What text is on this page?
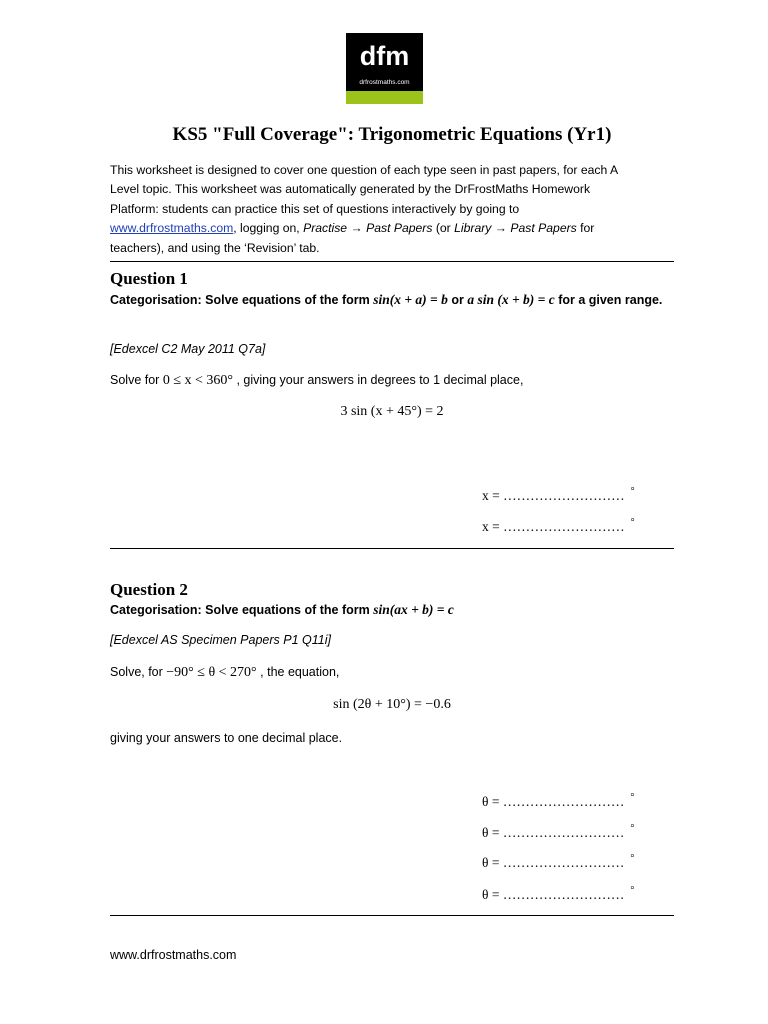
dfm
drfrostmaths.com
KS5 "Full Coverage": Trigonometric Equations (Yr1)
This worksheet is designed to cover one question of each type seen in past papers, for each A Level topic. This worksheet was automatically generated by the DrFrostMaths Homework Platform: students can practice this set of questions interactively by going to www.drfrostmaths.com, logging on, Practise → Past Papers (or Library → Past Papers for teachers), and using the ‘Revision’ tab.
Question 1
Categorisation: Solve equations of the form sin(x + a) = b or a sin (x + b) = c for a given range.
[Edexcel C2 May 2011 Q7a]
Solve for 0 ≤ x < 360° , giving your answers in degrees to 1 decimal place,
3 sin (x + 45°) = 2
x = ……………………… °
x = ……………………… °
Question 2
Categorisation: Solve equations of the form sin(ax + b) = c
[Edexcel AS Specimen Papers P1 Q11i]
Solve, for −90° ≤ θ < 270° , the equation,
sin (2θ + 10°) = −0.6
giving your answers to one decimal place.
θ = ……………………… °
θ = ……………………… °
θ = ……………………… °
θ = ……………………… °
www.drfrostmaths.com
